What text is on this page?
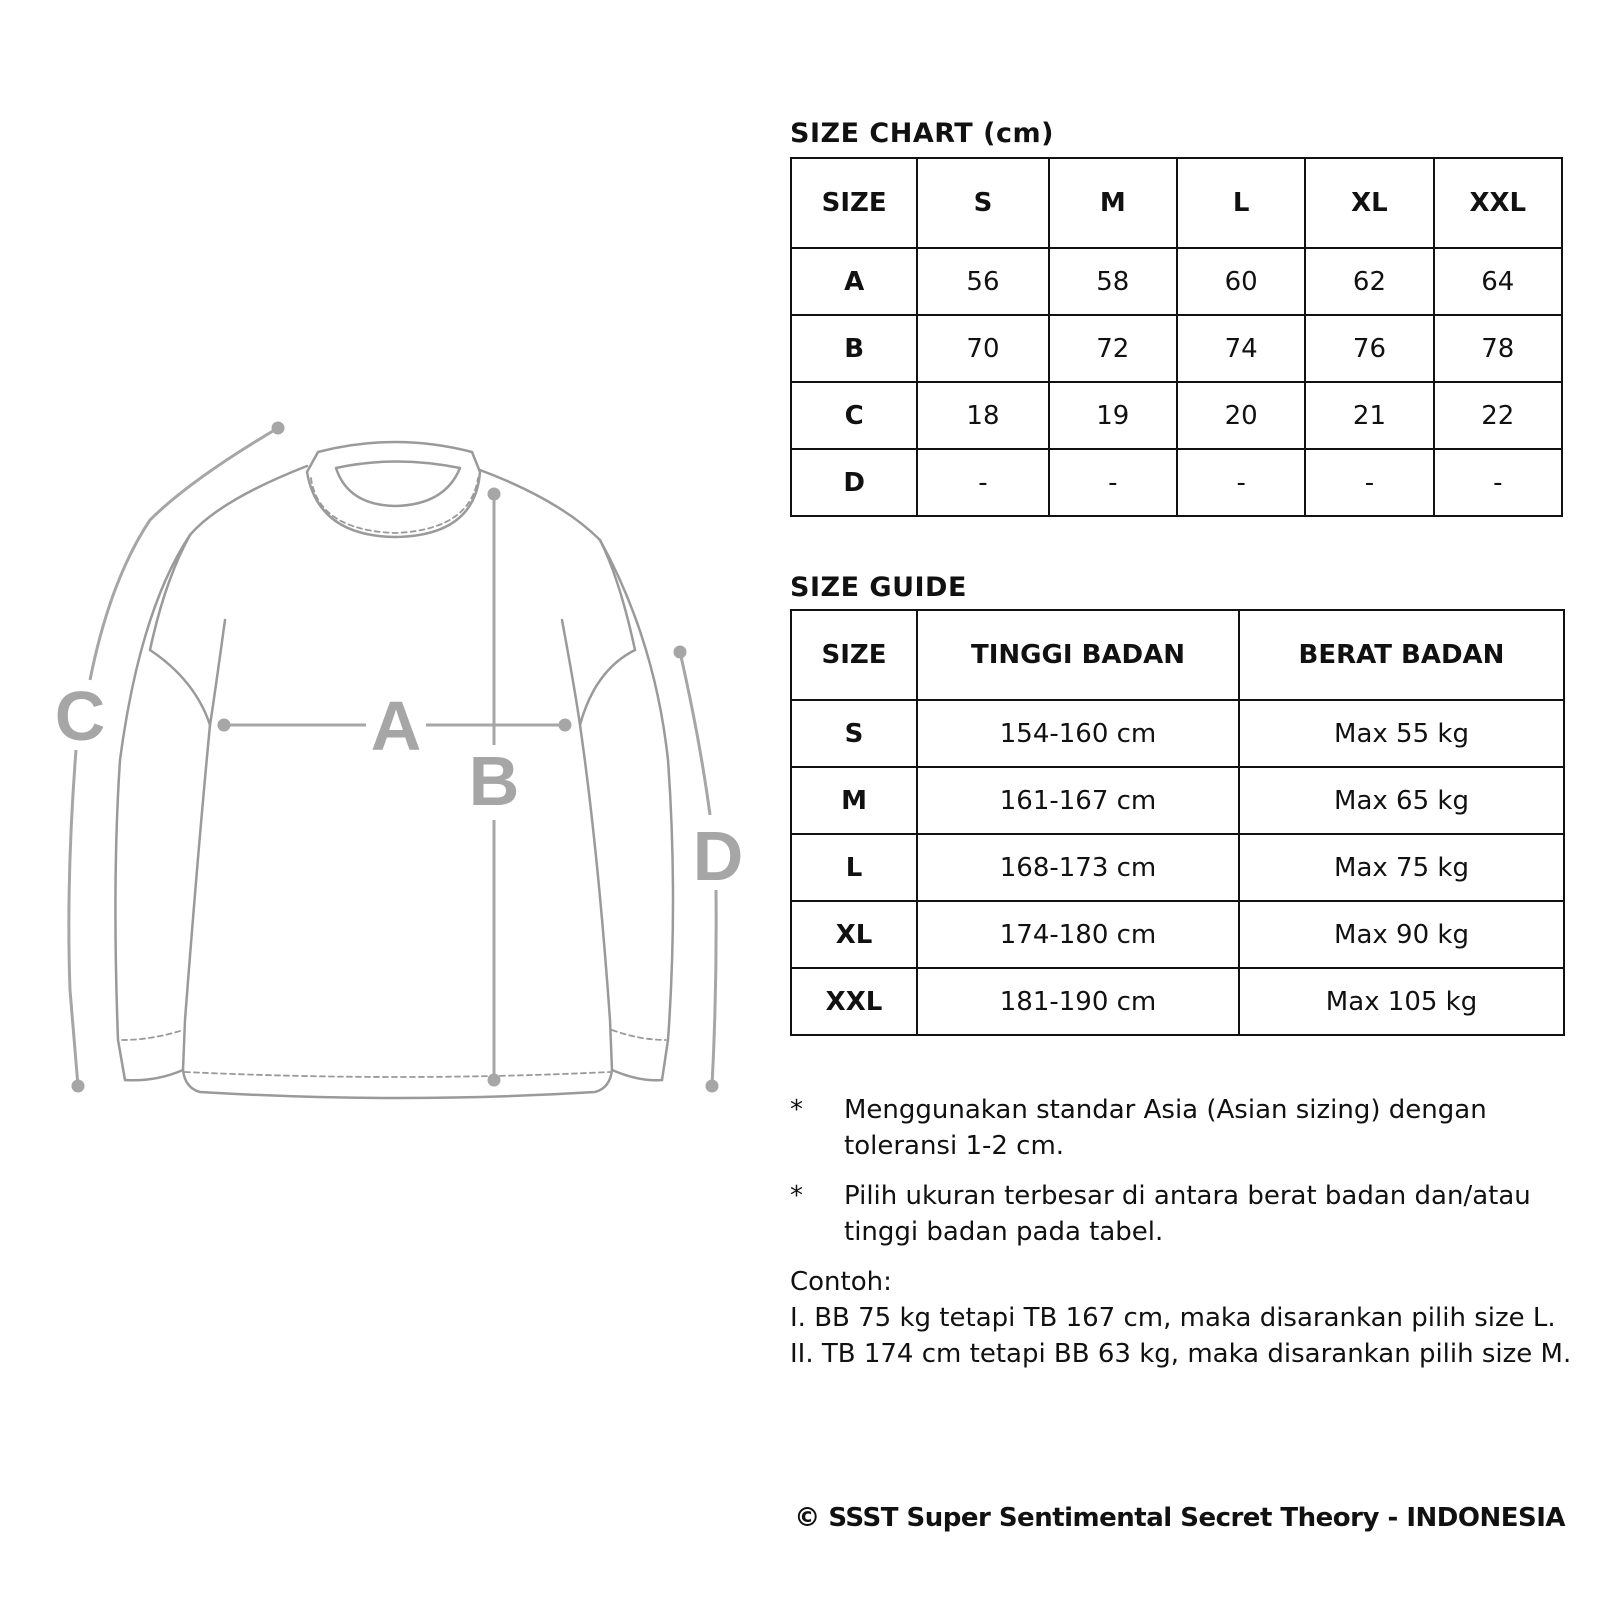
A
B
C
D
SIZE CHART (cm)
SIZE	S	M	L	XL	XXL
A	56	58	60	62	64
B	70	72	74	76	78
C	18	19	20	21	22
D	-	-	-	-	-
SIZE GUIDE
SIZE	TINGGI BADAN	BERAT BADAN
S	154-160 cm	Max 55 kg
M	161-167 cm	Max 65 kg
L	168-173 cm	Max 75 kg
XL	174-180 cm	Max 90 kg
XXL	181-190 cm	Max 105 kg
* Menggunakan standar Asia (Asian sizing) dengan toleransi 1-2 cm.
* Pilih ukuran terbesar di antara berat badan dan/atau tinggi badan pada tabel.
Contoh:
I. BB 75 kg tetapi TB 167 cm, maka disarankan pilih size L.
II. TB 174 cm tetapi BB 63 kg, maka disarankan pilih size M.
© SSST Super Sentimental Secret Theory - INDONESIA
